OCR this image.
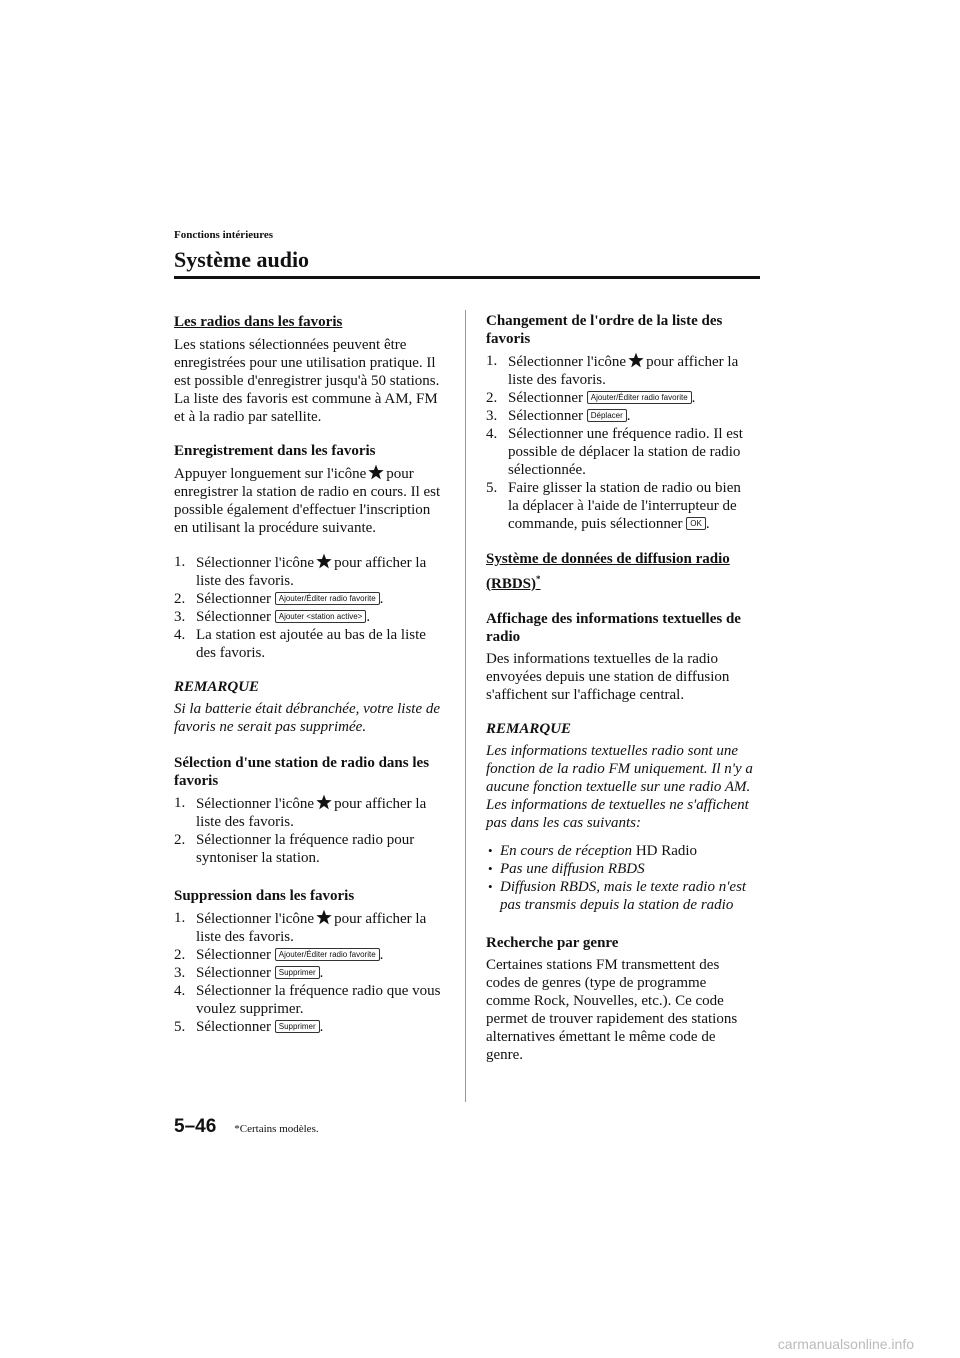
Fonctions intérieures
Système audio
Les radios dans les favoris

Les stations sélectionnées peuvent être enregistrées pour une utilisation pratique. Il est possible d'enregistrer jusqu'à 50 stations. La liste des favoris est commune à AM, FM et à la radio par satellite.

Enregistrement dans les favoris

Appuyer longuement sur l'icône pour enregistrer la station de radio en cours. Il est possible également d'effectuer l'inscription en utilisant la procédure suivante.

1. Sélectionner l'icône pour afficher la liste des favoris.
2. Sélectionner Ajouter/Éditer radio favorite .
3. Sélectionner Ajouter <station active> .
4. La station est ajoutée au bas de la liste des favoris.
REMARQUE

Si la batterie était débranchée, votre liste de favoris ne serait pas supprimée.

Sélection d'une station de radio dans les favoris
1. Sélectionner l'icône pour afficher la liste des favoris.
2. Sélectionner la fréquence radio pour syntoniser la station.
Suppression dans les favoris
1. Sélectionner l'icône pour afficher la liste des favoris.
2. Sélectionner Ajouter/Éditer radio favorite .
3. Sélectionner Supprimer .
4. Sélectionner la fréquence radio que vous voulez supprimer.
5. Sélectionner Supprimer .
Changement de l'ordre de la liste des favoris
1. Sélectionner l'icône pour afficher la liste des favoris.
2. Sélectionner Ajouter/Éditer radio favorite .
3. Sélectionner Déplacer .
4. Sélectionner une fréquence radio. Il est possible de déplacer la station de radio sélectionnée.
5. Faire glisser la station de radio ou bien la déplacer à l'aide de l'interrupteur de commande, puis sélectionner OK .
Système de données de diffusion radio (RBDS)*
Affichage des informations textuelles de radio

Des informations textuelles de la radio envoyées depuis une station de diffusion s'affichent sur l'affichage central.

REMARQUE

Les informations textuelles radio sont une fonction de la radio FM uniquement. Il n'y a aucune fonction textuelle sur une radio AM. Les informations de textuelles ne s'affichent pas dans les cas suivants:

• En cours de réception HD Radio
• Pas une diffusion RBDS
• Diffusion RBDS, mais le texte radio n'est pas transmis depuis la station de radio
Recherche par genre

Certaines stations FM transmettent des codes de genres (type de programme comme Rock, Nouvelles, etc.). Ce code permet de trouver rapidement des stations alternatives émettant le même code de genre.

5–46 *Certains modèles.
carmanualsonline.info
